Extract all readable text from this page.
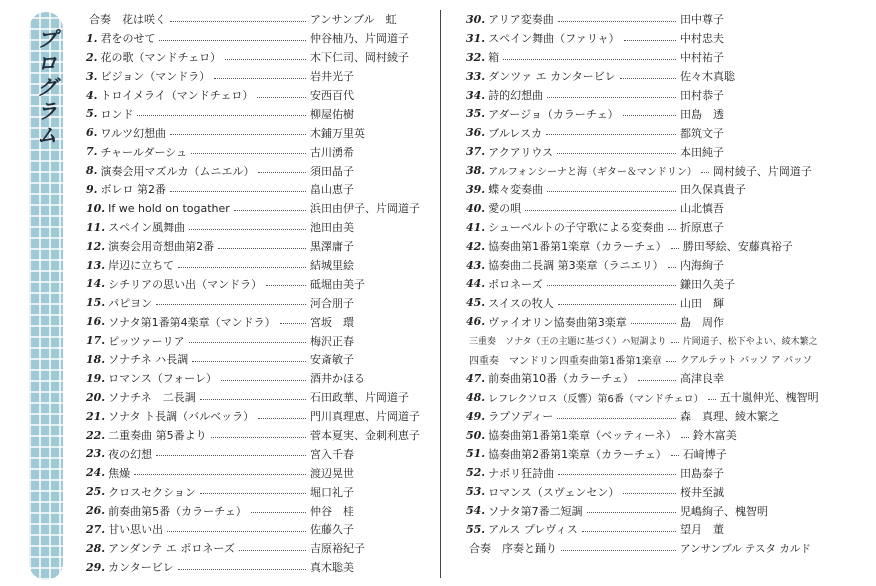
プログラム
合奏　花は咲く	アンサンブル　虹
1. 君をのせて	仲谷柚乃、片岡道子
2. 花の歌（マンドチェロ）	木下仁司、岡村綾子
3. ビジョン（マンドラ）	岩井光子
4. トロイメライ（マンドチェロ）	安西百代
5. ロンド	柳屋佑樹
6. ワルツ幻想曲	木鋪万里英
7. チャールダーシュ	古川湧希
8. 演奏会用マズルカ（ムニエル）	須田晶子
9. ボレロ 第2番	畠山恵子
10. If we hold on togather	浜田由伊子、片岡道子
11. スペイン風舞曲	池田由美
12. 演奏会用奇想曲第2番	黒澤庸子
13. 岸辺に立ちて	結城里絵
14. シチリアの思い出（マンドラ）	砥堀由美子
15. パピヨン	河合朋子
16. ソナタ第1番第4楽章（マンドラ）	宮坂　環
17. ピッツァーリア	梅沢正春
18. ソナチネ ハ長調	安斎敏子
19. ロマンス（フォーレ）	酒井かほる
20. ソナチネ　二長調	石田政華、片岡道子
21. ソナタ ト長調（バルベッラ）	門川真理恵、片岡道子
22. 二重奏曲 第5番より	菅本夏実、金刺利恵子
23. 夜の幻想	宮入千春
24. 焦燥	渡辺晃世
25. クロスセクション	堀口礼子
26. 前奏曲第5番（カラーチェ）	仲谷　桂
27. 甘い思い出	佐藤久子
28. アンダンテ エ ポロネーズ	吉原裕紀子
29. カンタービレ	真木聡美
30. アリア変奏曲	田中尊子
31. スペイン舞曲（ファリャ）	中村忠夫
32. 箱	中村祐子
33. ダンツァ エ カンタービレ	佐々木真聡
34. 詩的幻想曲	田村恭子
35. アダージョ（カラーチェ）	田島　透
36. ブルレスカ	都筑文子
37. アクアリウス	本田純子
38. アルフォンシーナと海（ギター＆マンドリン） 岡村綾子、片岡道子
39. 蝶々変奏曲	田久保真貴子
40. 愛の唄	山北慎吾
41. シューベルトの子守歌による変奏曲 折原恵子
42. 協奏曲第1番第1楽章（カラーチェ） 勝田琴絵、安藤真裕子
43. 協奏曲二長調 第3楽章（ラニエリ） 内海絢子
44. ポロネーズ	鎌田久美子
45. スイスの牧人	山田　輝
46. ヴァイオリン協奏曲第3楽章	島　周作
三重奏　ソナタ（王の主題に基づく）ハ短調より 片岡道子、松下やよい、綾木繁之
四重奏　マンドリン四重奏曲第1番第1楽章 クアルテット パッソ ア パッソ
47. 前奏曲第10番（カラーチェ）	高津良幸
48. レフレクソロス（反響）第6番（マンドチェロ） 五十嵐伸光、槐智明
49. ラプソディー	森　真理、綾木繁之
50. 協奏曲第1番第1楽章（ベッティーネ） 鈴木富美
51. 協奏曲第2番第1楽章（カラーチェ） 石﨑博子
52. ナポリ狂詩曲	田島泰子
53. ロマンス（スヴェンセン）	桜井至誠
54. ソナタ第7番二短調	児嶋絢子、槐智明
55. アルス プレヴィス	望月　董
合奏　序奏と踊り	アンサンブル テスタ カルド
